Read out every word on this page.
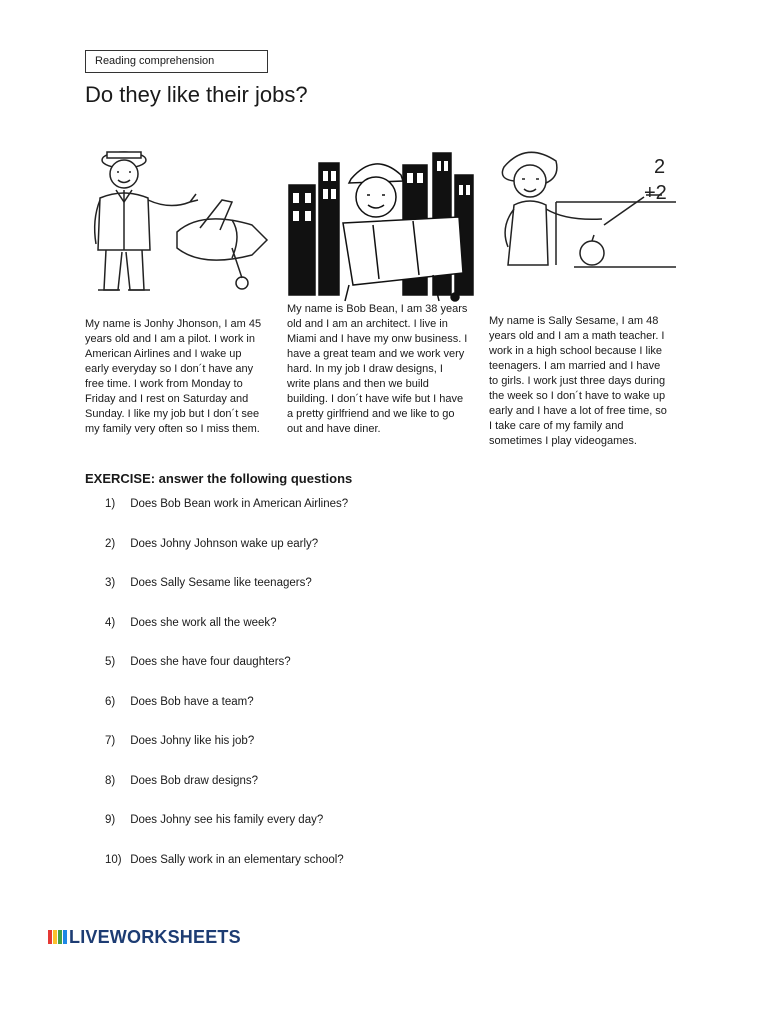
Reading comprehension
Do they like their jobs?
2
+2
My name is Jonhy Jhonson, I am 45
years old and I am a pilot. I work in
American Airlines and I wake up
early everyday so I don´t have any
free time. I work from Monday to
Friday and I rest on Saturday and
Sunday. I like my job but I don´t see
my family very often so I miss them.
My name is Bob Bean, I am 38 years
old and I am an architect. I live in
Miami and I have my onw business. I
have a great team and we work very
hard. In my job I draw designs, I
write plans and then we build
building. I don´t have wife but I have
a pretty girlfriend and we like to go
out and have diner.
My name is Sally Sesame, I am 48
years old and I am a math teacher. I
work in a high school because I like
teenagers. I am married and I have
to girls. I work just three days during
the week so I don´t have to wake up
early and I have a lot of free time, so
I take care of my family and
sometimes I play videogames.
EXERCISE: answer the following questions
1) Does Bob Bean work in American Airlines?
2) Does Johny Johnson wake up early?
3) Does Sally Sesame like teenagers?
4) Does she work all the week?
5) Does she have four daughters?
6) Does Bob have a team?
7) Does Johny like his job?
8) Does Bob draw designs?
9) Does Johny see his family every day?
10) Does Sally work in an elementary school?
LIVEWORKSHEETS
